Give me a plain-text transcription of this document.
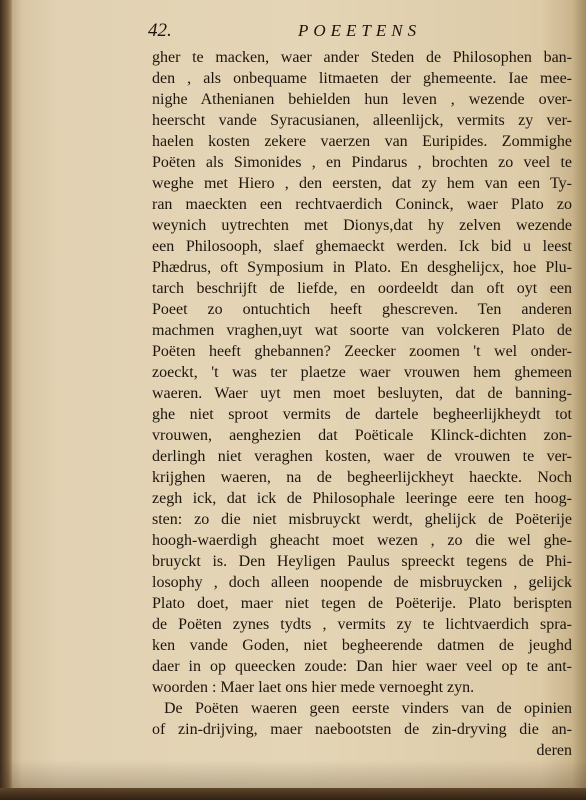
42.	POEETENS
gher te macken, waer ander Steden de Philosophen ban-
den , als onbequame litmaeten der ghemeente. Iae mee-
nighe Athenianen behielden hun leven , wezende over-
heerscht vande Syracusianen, alleenlijck, vermits zy ver-
haelen kosten zekere vaerzen van Euripides. Zommighe
Poëten als Simonides , en Pindarus , brochten zo veel te
weghe met Hiero , den eersten, dat zy hem van een Ty-
ran maeckten een rechtvaerdich Coninck, waer Plato zo
weynich uytrechten met Dionys,dat hy zelven wezende
een Philosooph, slaef ghemaeckt werden. Ick bid u leest
Phædrus, oft Symposium in Plato. En desghelijcx, hoe Plu-
tarch beschrijft de liefde, en oordeeldt dan oft oyt een
Poeet zo ontuchtich heeft ghescreven. Ten anderen
machmen vraghen,uyt wat soorte van volckeren Plato de
Poëten heeft ghebannen? Zeecker zoomen 't wel onder-
zoeckt, 't was ter plaetze waer vrouwen hem ghemeen
waeren. Waer uyt men moet besluyten, dat de banning-
ghe niet sproot vermits de dartele begheerlijkheydt tot
vrouwen, aenghezien dat Poëticale Klinck-dichten zon-
derlingh niet veraghen kosten, waer de vrouwen te ver-
krijghen waeren, na de begheerlijckheyt haeckte. Noch
zegh ick, dat ick de Philosophale leeringe eere ten hoog-
sten: zo die niet misbruyckt werdt, ghelijck de Poëterije
hoogh-waerdigh gheacht moet wezen , zo die wel ghe-
bruyckt is. Den Heyligen Paulus spreeckt tegens de Phi-
losophy , doch alleen noopende de misbruycken , gelijck
Plato doet, maer niet tegen de Poëterije. Plato berispten
de Poëten zynes tydts , vermits zy te lichtvaerdich spra-
ken vande Goden, niet begheerende datmen de jeughd
daer in op queecken zoude: Dan hier waer veel op te ant-
woorden : Maer laet ons hier mede vernoeght zyn.
De Poëten waeren geen eerste vinders van de opinien
of zin-drijving, maer naebootsten de zin-dryving die an-
deren
